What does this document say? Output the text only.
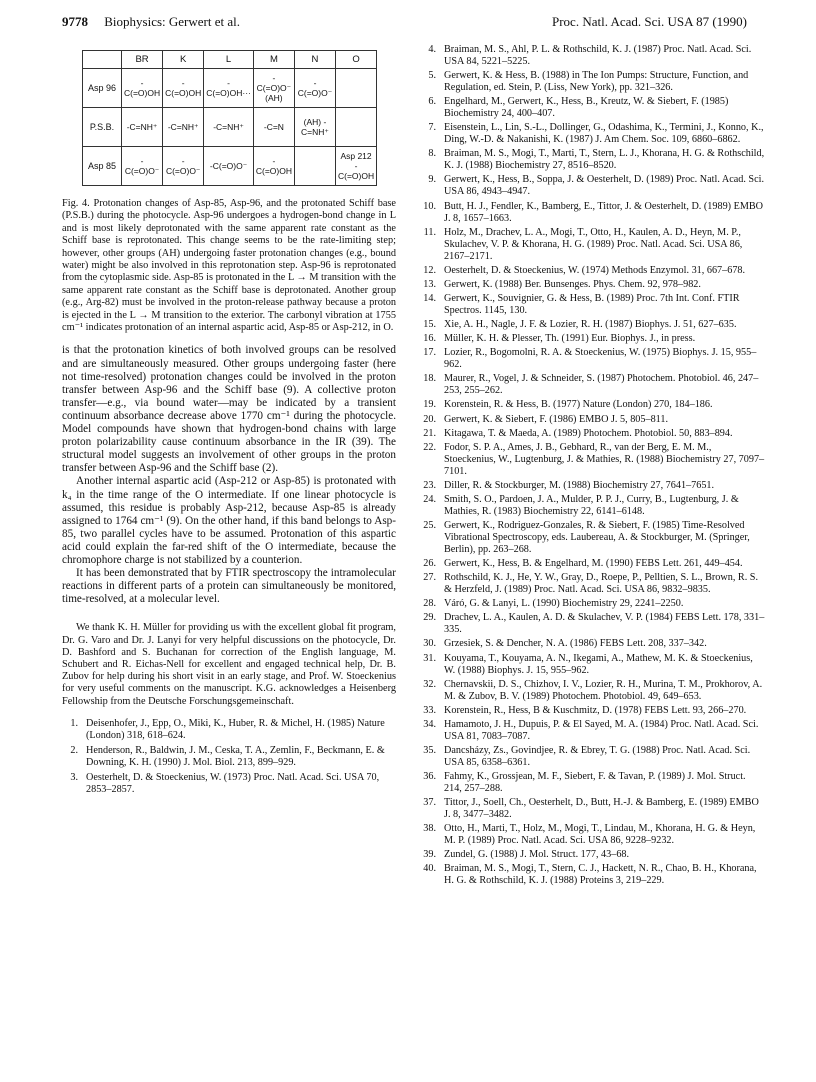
9778 Biophysics: Gerwert et al.	Proc. Natl. Acad. Sci. USA 87 (1990)
	BR	K	L	M	N	O
Asp 96	-C(=O)OH	-C(=O)OH	-C(=O)OH···	-C(=O)O⁻ (AH)	-C(=O)O⁻	
P.S.B.	-C=NH⁺	-C=NH⁺	-C=NH⁺	-C=N	(AH) -C=NH⁺	
Asp 85	-C(=O)O⁻	-C(=O)O⁻	-C(=O)O⁻	-C(=O)OH		Asp 212 -C(=O)OH
Fig. 4. Protonation changes of Asp-85, Asp-96, and the protonated Schiff base (P.S.B.) during the photocycle. Asp-96 undergoes a hydrogen-bond change in L and is most likely deprotonated with the same apparent rate constant as the Schiff base is reprotonated. This change seems to be the rate-limiting step; however, other groups (AH) undergoing faster protonation changes (e.g., bound water) might be also involved in this reprotonation step. Asp-96 is reprotonated from the cytoplasmic side. Asp-85 is protonated in the L → M transition with the same apparent rate constant as the Schiff base is deprotonated. Another group (e.g., Arg-82) must be involved in the proton-release pathway because a proton is ejected in the L → M transition to the exterior. The carbonyl vibration at 1755 cm⁻¹ indicates protonation of an internal aspartic acid, Asp-85 or Asp-212, in O.

is that the protonation kinetics of both involved groups can be resolved and are simultaneously measured. Other groups undergoing faster (here not time-resolved) protonation changes could be involved in the proton transfer between Asp-96 and the Schiff base (9). A collective proton transfer—e.g., via bound water—may be indicated by a transient continuum absorbance decrease above 1770 cm⁻¹ during the photocycle. Model compounds have shown that hydrogen-bond chains with large proton polarizability cause continuum absorbance in the IR (39). The structural model suggests an involvement of other groups in the proton transfer between Asp-96 and the Schiff base (2).

Another internal aspartic acid (Asp-212 or Asp-85) is protonated with k₄ in the time range of the O intermediate. If one linear photocycle is assumed, this residue is probably Asp-212, because Asp-85 is already assigned to 1764 cm⁻¹ (9). On the other hand, if this band belongs to Asp-85, two parallel cycles have to be assumed. Protonation of this aspartic acid could explain the far-red shift of the O intermediate, because the chromophore charge is not stabilized by a counterion.

It has been demonstrated that by FTIR spectroscopy the intramolecular reactions in different parts of a protein can simultaneously be monitored, time-resolved, at a molecular level.

We thank K. H. Müller for providing us with the excellent global fit program, Dr. G. Varo and Dr. J. Lanyi for very helpful discussions on the photocycle, Dr. D. Bashford and S. Buchanan for correction of the English language, M. Schubert and R. Eichas-Nell for excellent and engaged technical help, Dr. B. Zubov for help during his short visit in an early stage, and Prof. W. Stoeckenius for very useful comments on the manuscript. K.G. acknowledges a Heisenberg Fellowship from the Deutsche Forschungsgemeinschaft.
1. Deisenhofer, J., Epp, O., Miki, K., Huber, R. & Michel, H. (1985) Nature (London) 318, 618–624.
2. Henderson, R., Baldwin, J. M., Ceska, T. A., Zemlin, F., Beckmann, E. & Downing, K. H. (1990) J. Mol. Biol. 213, 899–929.
3. Oesterhelt, D. & Stoeckenius, W. (1973) Proc. Natl. Acad. Sci. USA 70, 2853–2857.
4. Braiman, M. S., Ahl, P. L. & Rothschild, K. J. (1987) Proc. Natl. Acad. Sci. USA 84, 5221–5225.
5. Gerwert, K. & Hess, B. (1988) in The Ion Pumps: Structure, Function, and Regulation, ed. Stein, P. (Liss, New York), pp. 321–326.
6. Engelhard, M., Gerwert, K., Hess, B., Kreutz, W. & Siebert, F. (1985) Biochemistry 24, 400–407.
7. Eisenstein, L., Lin, S.-L., Dollinger, G., Odashima, K., Termini, J., Konno, K., Ding, W.-D. & Nakanishi, K. (1987) J. Am Chem. Soc. 109, 6860–6862.
8. Braiman, M. S., Mogi, T., Marti, T., Stern, L. J., Khorana, H. G. & Rothschild, K. J. (1988) Biochemistry 27, 8516–8520.
9. Gerwert, K., Hess, B., Soppa, J. & Oesterhelt, D. (1989) Proc. Natl. Acad. Sci. USA 86, 4943–4947.
10. Butt, H. J., Fendler, K., Bamberg, E., Tittor, J. & Oesterhelt, D. (1989) EMBO J. 8, 1657–1663.
11. Holz, M., Drachev, L. A., Mogi, T., Otto, H., Kaulen, A. D., Heyn, M. P., Skulachev, V. P. & Khorana, H. G. (1989) Proc. Natl. Acad. Sci. USA 86, 2167–2171.
12. Oesterhelt, D. & Stoeckenius, W. (1974) Methods Enzymol. 31, 667–678.
13. Gerwert, K. (1988) Ber. Bunsenges. Phys. Chem. 92, 978–982.
14. Gerwert, K., Souvignier, G. & Hess, B. (1989) Proc. 7th Int. Conf. FTIR Spectros. 1145, 130.
15. Xie, A. H., Nagle, J. F. & Lozier, R. H. (1987) Biophys. J. 51, 627–635.
16. Müller, K. H. & Plesser, Th. (1991) Eur. Biophys. J., in press.
17. Lozier, R., Bogomolni, R. A. & Stoeckenius, W. (1975) Biophys. J. 15, 955–962.
18. Maurer, R., Vogel, J. & Schneider, S. (1987) Photochem. Photobiol. 46, 247–253, 255–262.
19. Korenstein, R. & Hess, B. (1977) Nature (London) 270, 184–186.
20. Gerwert, K. & Siebert, F. (1986) EMBO J. 5, 805–811.
21. Kitagawa, T. & Maeda, A. (1989) Photochem. Photobiol. 50, 883–894.
22. Fodor, S. P. A., Ames, J. B., Gebhard, R., van der Berg, E. M. M., Stoeckenius, W., Lugtenburg, J. & Mathies, R. (1988) Biochemistry 27, 7097–7101.
23. Diller, R. & Stockburger, M. (1988) Biochemistry 27, 7641–7651.
24. Smith, S. O., Pardoen, J. A., Mulder, P. P. J., Curry, B., Lugtenburg, J. & Mathies, R. (1983) Biochemistry 22, 6141–6148.
25. Gerwert, K., Rodriguez-Gonzales, R. & Siebert, F. (1985) Time-Resolved Vibrational Spectroscopy, eds. Laubereau, A. & Stockburger, M. (Springer, Berlin), pp. 263–268.
26. Gerwert, K., Hess, B. & Engelhard, M. (1990) FEBS Lett. 261, 449–454.
27. Rothschild, K. J., He, Y. W., Gray, D., Roepe, P., Pelltien, S. L., Brown, R. S. & Herzfeld, J. (1989) Proc. Natl. Acad. Sci. USA 86, 9832–9835.
28. Váró, G. & Lanyi, L. (1990) Biochemistry 29, 2241–2250.
29. Drachev, L. A., Kaulen, A. D. & Skulachev, V. P. (1984) FEBS Lett. 178, 331–335.
30. Grzesiek, S. & Dencher, N. A. (1986) FEBS Lett. 208, 337–342.
31. Kouyama, T., Kouyama, A. N., Ikegami, A., Mathew, M. K. & Stoeckenius, W. (1988) Biophys. J. 15, 955–962.
32. Chernavskii, D. S., Chizhov, I. V., Lozier, R. H., Murina, T. M., Prokhorov, A. M. & Zubov, B. V. (1989) Photochem. Photobiol. 49, 649–653.
33. Korenstein, R., Hess, B & Kuschmitz, D. (1978) FEBS Lett. 93, 266–270.
34. Hamamoto, J. H., Dupuis, P. & El Sayed, M. A. (1984) Proc. Natl. Acad. Sci. USA 81, 7083–7087.
35. Dancsházy, Zs., Govindjee, R. & Ebrey, T. G. (1988) Proc. Natl. Acad. Sci. USA 85, 6358–6361.
36. Fahmy, K., Grossjean, M. F., Siebert, F. & Tavan, P. (1989) J. Mol. Struct. 214, 257–288.
37. Tittor, J., Soell, Ch., Oesterhelt, D., Butt, H.-J. & Bamberg, E. (1989) EMBO J. 8, 3477–3482.
38. Otto, H., Marti, T., Holz, M., Mogi, T., Lindau, M., Khorana, H. G. & Heyn, M. P. (1989) Proc. Natl. Acad. Sci. USA 86, 9228–9232.
39. Zundel, G. (1988) J. Mol. Struct. 177, 43–68.
40. Braiman, M. S., Mogi, T., Stern, C. J., Hackett, N. R., Chao, B. H., Khorana, H. G. & Rothschild, K. J. (1988) Proteins 3, 219–229.
